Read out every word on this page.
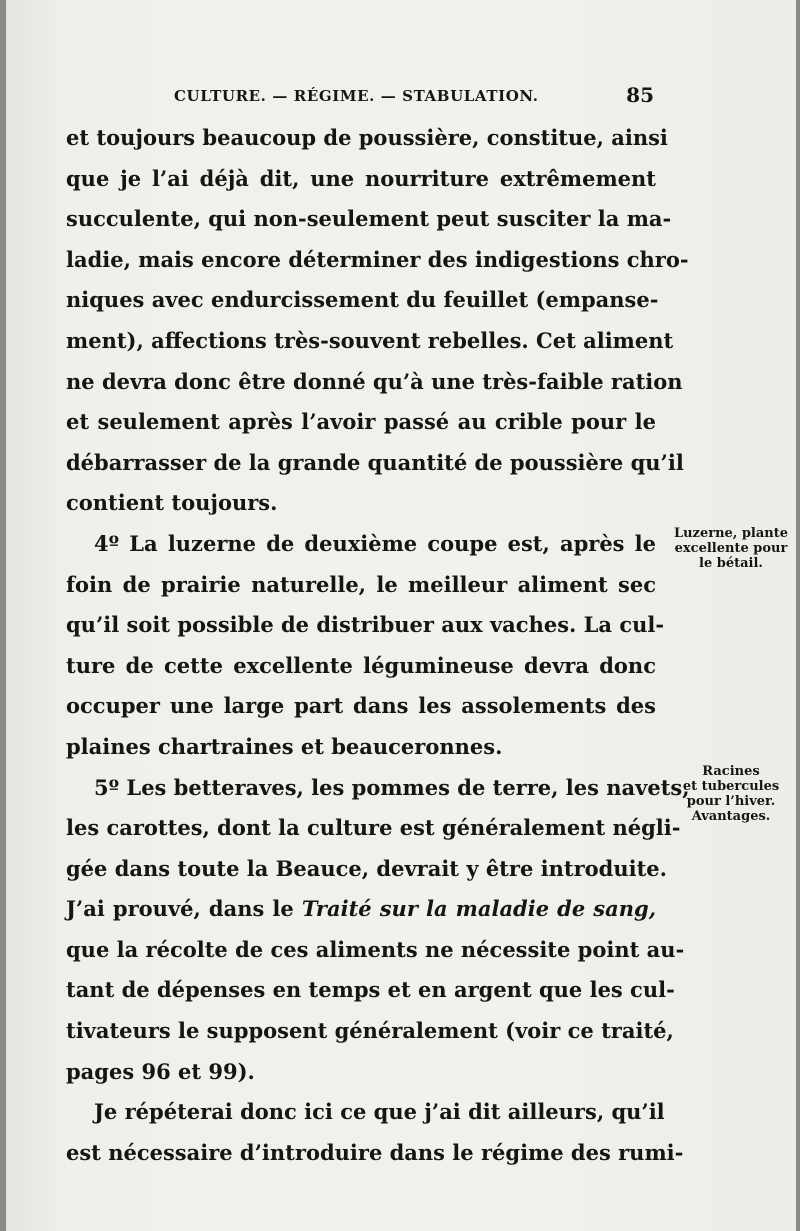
CULTURE. — RÉGIME. — STABULATION.	85
et toujours beaucoup de poussière, constitue, ainsi
que je l’ai déjà dit, une nourriture extrêmement
succulente, qui non-seulement peut susciter la ma-
ladie, mais encore déterminer des indigestions chro-
niques avec endurcissement du feuillet (empanse-
ment), affections très-souvent rebelles. Cet aliment
ne devra donc être donné qu’à une très-faible ration
et seulement après l’avoir passé au crible pour le
débarrasser de la grande quantité de poussière qu’il
contient toujours.
4º La luzerne de deuxième coupe est, après le
foin de prairie naturelle, le meilleur aliment sec
qu’il soit possible de distribuer aux vaches. La cul-
ture de cette excellente légumineuse devra donc
occuper une large part dans les assolements des
plaines chartraines et beauceronnes.
5º Les betteraves, les pommes de terre, les navets,
les carottes, dont la culture est généralement négli-
gée dans toute la Beauce, devrait y être introduite.
J’ai prouvé, dans le Traité sur la maladie de sang,
que la récolte de ces aliments ne nécessite point au-
tant de dépenses en temps et en argent que les cul-
tivateurs le supposent généralement (voir ce traité,
pages 96 et 99).
Je répéterai donc ici ce que j’ai dit ailleurs, qu’il
est nécessaire d’introduire dans le régime des rumi-
Luzerne, plante
excellente pour
le bétail.
Racines
et tubercules
pour l’hiver.
Avantages.
